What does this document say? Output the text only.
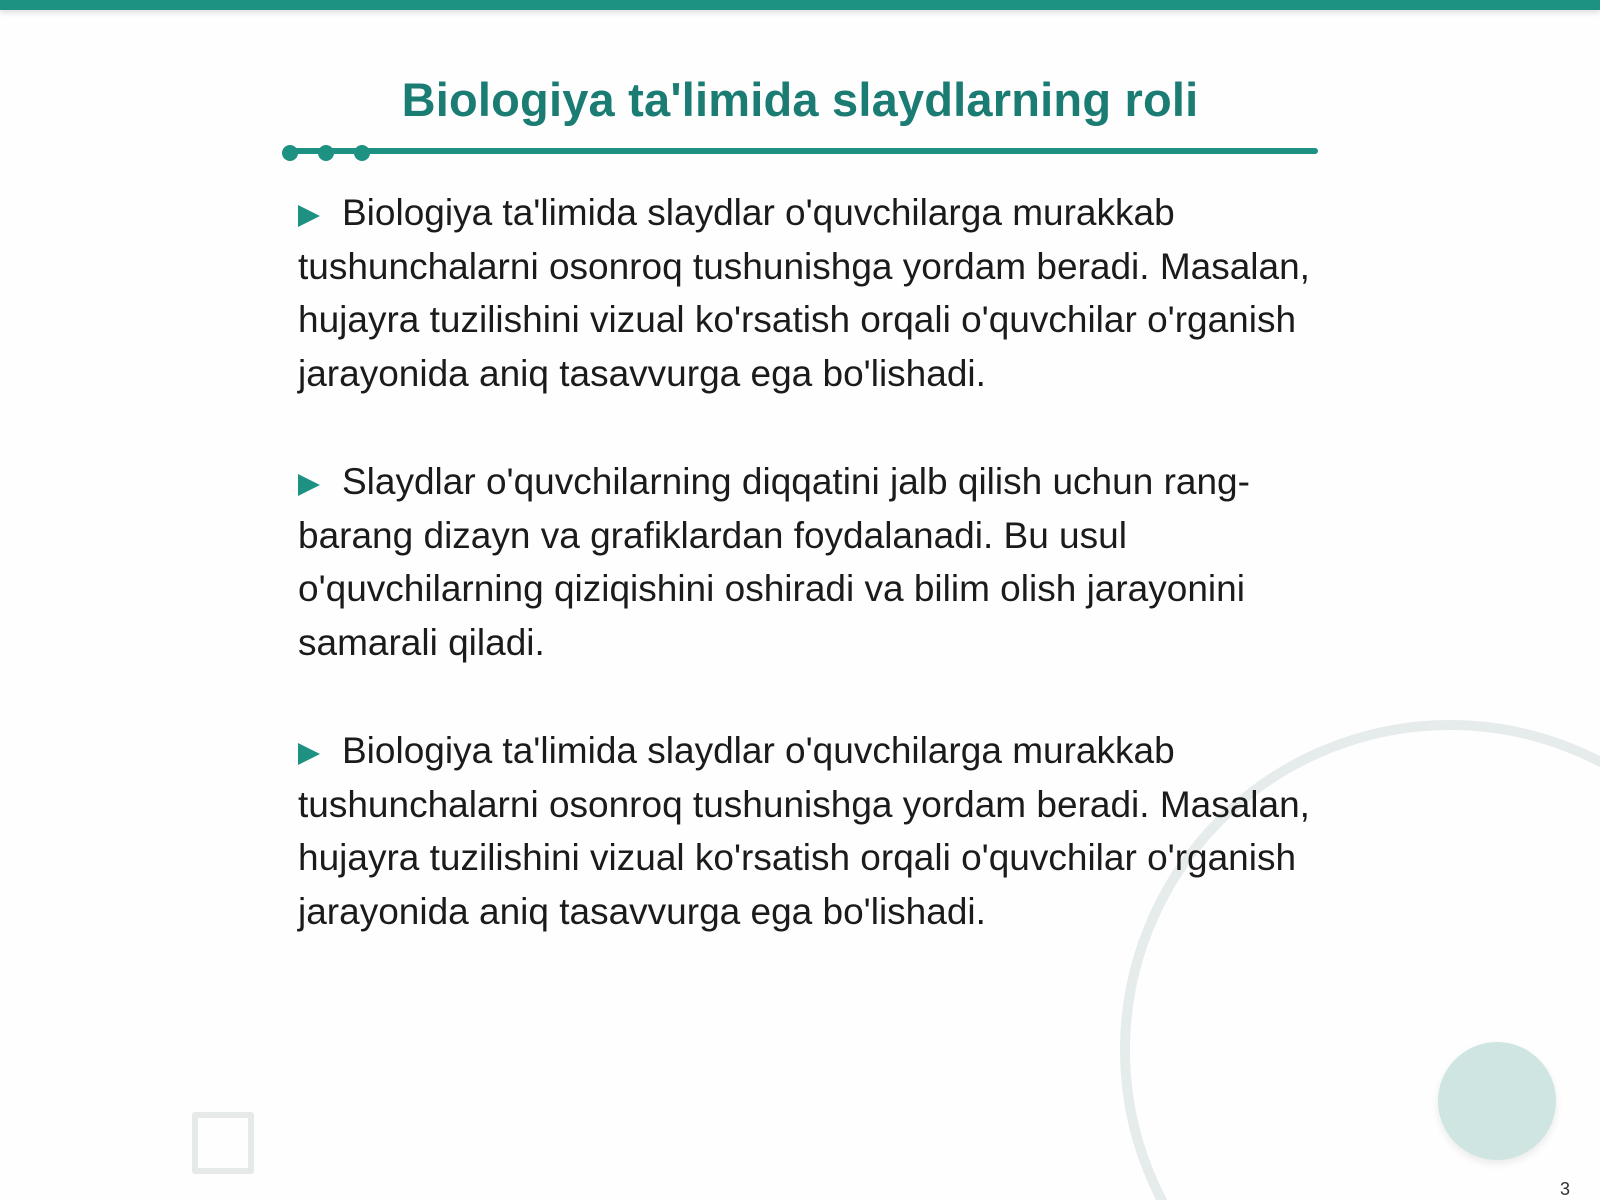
Biologiya ta'limida slaydlarning roli

Biologiya ta'limida slaydlar o'quvchilarga murakkab tushunchalarni osonroq tushunishga yordam beradi. Masalan, hujayra tuzilishini vizual ko'rsatish orqali o'quvchilar o'rganish jarayonida aniq tasavvurga ega bo'lishadi.

Slaydlar o'quvchilarning diqqatini jalb qilish uchun rang-barang dizayn va grafiklardan foydalanadi. Bu usul o'quvchilarning qiziqishini oshiradi va bilim olish jarayonini samarali qiladi.

Biologiya ta'limida slaydlar o'quvchilarga murakkab tushunchalarni osonroq tushunishga yordam beradi. Masalan, hujayra tuzilishini vizual ko'rsatish orqali o'quvchilar o'rganish jarayonida aniq tasavvurga ega bo'lishadi.

3
